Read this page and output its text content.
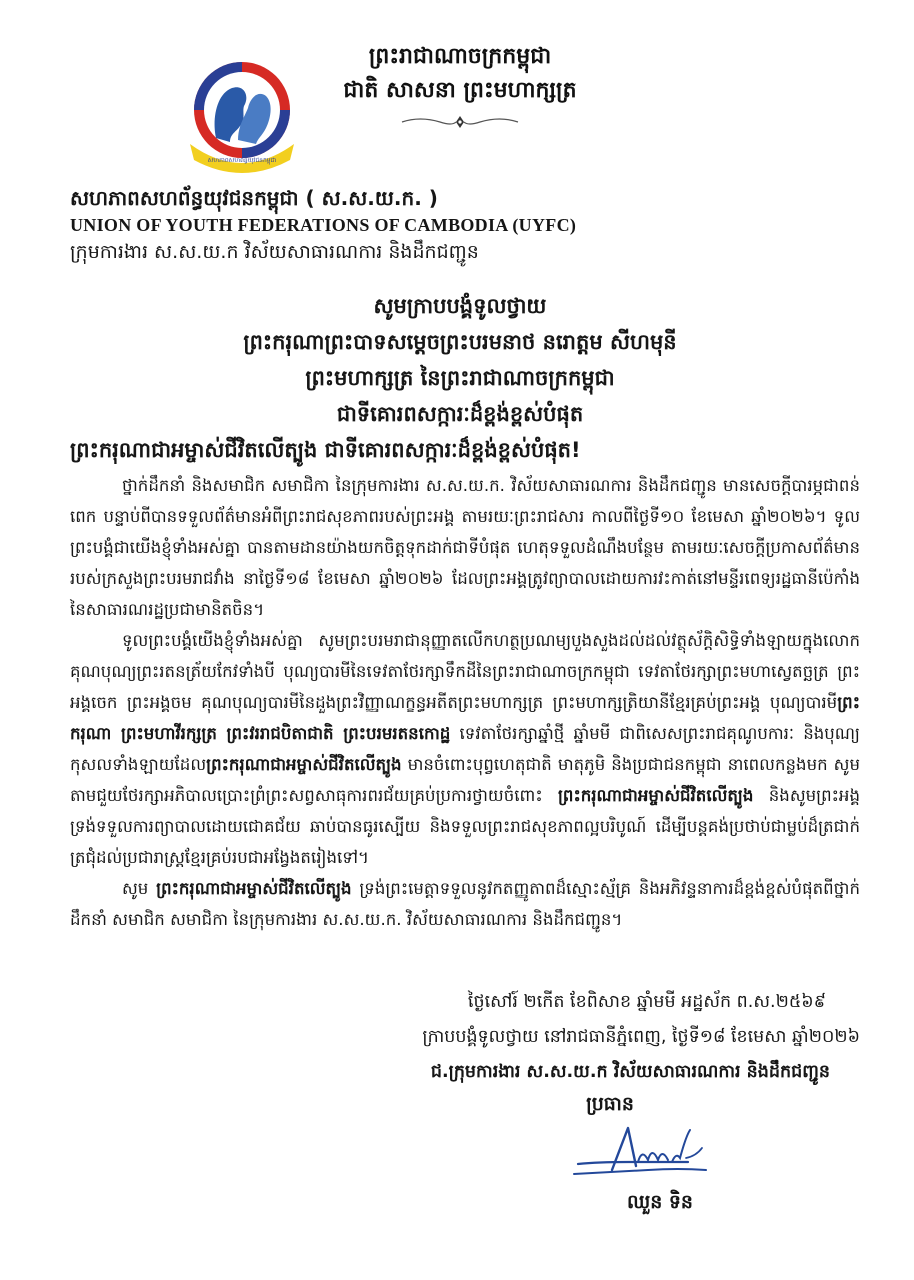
សហភាពសហព័ន្ធយុវជនកម្ពុជា
ព្រះរាជាណាចក្រកម្ពុជា
ជាតិ សាសនា ព្រះមហាក្សត្រ
សហភាពសហព័ន្ធយុវជនកម្ពុជា ( ស.ស.យ.ក. )
UNION OF YOUTH FEDERATIONS OF CAMBODIA (UYFC)
ក្រុមការងារ ស.ស.យ.ក វិស័យសាធារណការ និងដឹកជញ្ជូន
សូមក្រាបបង្គំទូលថ្វាយ
ព្រះករុណាព្រះបាទសម្តេចព្រះបរមនាថ នរោត្តម សីហមុនី
ព្រះមហាក្សត្រ នៃព្រះរាជាណាចក្រកម្ពុជា
ជាទីគោរពសក្ការៈដ៏ខ្ពង់ខ្ពស់បំផុត
ព្រះករុណាជាអម្ចាស់ជីវិតលើត្បូង ជាទីគោរពសក្ការៈដ៏ខ្ពង់ខ្ពស់បំផុត!

ថ្នាក់ដឹកនាំ និងសមាជិក សមាជិកា នៃក្រុមការងារ ស.ស.យ.ក. វិស័យសាធារណការ និងដឹកជញ្ជូន មានសេចក្តីបារម្ភជាពន់ពេក បន្ទាប់ពីបានទទួលព័ត៌មានអំពីព្រះរាជសុខភាពរបស់ព្រះអង្គ តាមរយៈព្រះរាជសារ កាលពីថ្ងៃទី១០ ខែមេសា ឆ្នាំ២០២៦។ ទូលព្រះបង្គំជាយើងខ្ញុំទាំងអស់គ្នា បានតាមដានយ៉ាងយកចិត្តទុកដាក់ជាទីបំផុត ហេតុទទួលដំណឹងបន្ថែម តាមរយៈសេចក្តីប្រកាសព័ត៌មានរបស់ក្រសួងព្រះបរមរាជវាំង នាថ្ងៃទី១៨ ខែមេសា ឆ្នាំ២០២៦ ដែលព្រះអង្គត្រូវព្យាបាលដោយការវះកាត់នៅមន្ទីរពេទ្យរដ្ឋធានីប៉េកាំង នៃសាធារណរដ្ឋប្រជាមានិតចិន។

ទូលព្រះបង្គំយើងខ្ញុំទាំងអស់គ្នា សូមព្រះបរមរាជានុញ្ញាតលើកហត្ថប្រណម្យបួងសួងដល់ដល់វត្ថុស័ក្តិសិទ្ធិទាំងឡាយក្នុងលោក គុណបុណ្យព្រះរតនត្រ័យកែវទាំងបី បុណ្យបារមីនៃទេវតាថែរក្សាទឹកដីនៃព្រះរាជាណាចក្រកម្ពុជា ទេវតាថែរក្សាព្រះមហាស្វេតច្ឆត្រ ព្រះអង្គចេក ព្រះអង្គចម គុណបុណ្យបារមីនៃដួងព្រះវិញ្ញាណក្ខន្ធអតីតព្រះមហាក្សត្រ ព្រះមហាក្សត្រិយានីខ្មែរគ្រប់ព្រះអង្គ បុណ្យបារមីព្រះករុណា ព្រះមហាវីរក្សត្រ ព្រះវររាជបិតាជាតិ ព្រះបរមរតនកោដ្ឋ ទេវតាថែរក្សាឆ្នាំថ្មី ឆ្នាំមមី ជាពិសេសព្រះរាជគុណូបការៈ និងបុណ្យកុសលទាំងឡាយដែលព្រះករុណាជាអម្ចាស់ជីវិតលើត្បូង មានចំពោះបុព្វហេតុជាតិ មាតុភូមិ និងប្រជាជនកម្ពុជា នាពេលកន្លងមក សូមតាមជួយថែរក្សាអភិបាលប្រោះព្រំព្រះសព្វសាធុការពរជ័យគ្រប់ប្រការថ្វាយចំពោះ ព្រះករុណាជាអម្ចាស់ជីវិតលើត្បូង និងសូមព្រះអង្គទ្រង់ទទួលការព្យាបាលដោយជោគជ័យ ឆាប់បានធូរស្បើយ និងទទួលព្រះរាជសុខភាពល្អបរិបូណ៍ ដើម្បីបន្តគង់ប្រថាប់ជាម្លប់ដ៏ត្រជាក់ត្រជុំដល់ប្រជារាស្ត្រខ្មែរគ្រប់របជាអង្វែងតរៀងទៅ។

សូម ព្រះករុណាជាអម្ចាស់ជីវិតលើត្បូង ទ្រង់ព្រះមេត្តាទទួលនូវកតញ្ញូតាពដ៏ស្មោះស្ម័គ្រ និងអភិវន្ទនាការដ៏ខ្ពង់ខ្ពស់បំផុតពីថ្នាក់ដឹកនាំ សមាជិក សមាជិកា នៃក្រុមការងារ ស.ស.យ.ក. វិស័យសាធារណការ និងដឹកជញ្ជូន។

ថ្ងៃសៅរ៍ ២កើត ខែពិសាខ ឆ្នាំមមី អដ្ឋស័ក ព.ស.២៥៦៩
ក្រាបបង្គំទូលថ្វាយ នៅរាជធានីភ្នំពេញ, ថ្ងៃទី១៨ ខែមេសា ឆ្នាំ២០២៦
ជ.ក្រុមការងារ ស.ស.យ.ក វិស័យសាធារណការ និងដឹកជញ្ជូន
ប្រធាន
ឈួន ទិន
